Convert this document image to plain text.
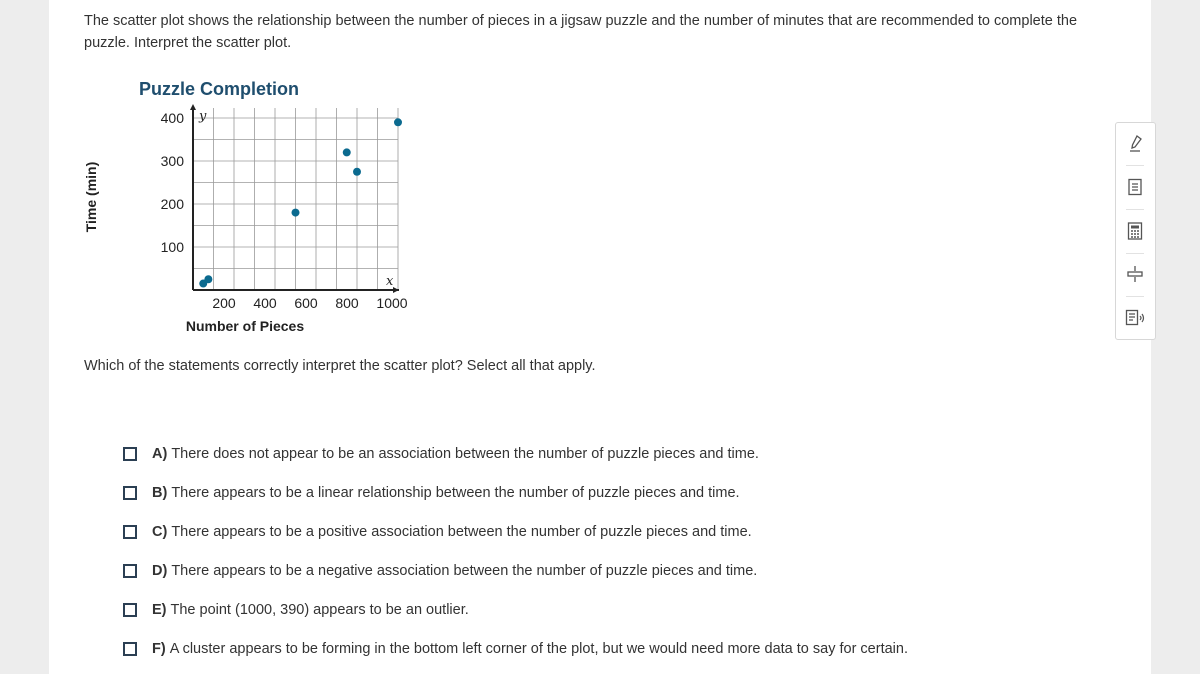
The scatter plot shows the relationship between the number of pieces in a jigsaw puzzle and the number of minutes that are recommended to complete the puzzle. Interpret the scatter plot.
Puzzle Completion
Time (min)
Number of Pieces
200 400 600 800 1000
100
200
300
400 y
x
Which of the statements correctly interpret the scatter plot? Select all that apply.
A) There does not appear to be an association between the number of puzzle pieces and time.
B) There appears to be a linear relationship between the number of puzzle pieces and time.
C) There appears to be a positive association between the number of puzzle pieces and time.
D) There appears to be a negative association between the number of puzzle pieces and time.
E) The point (1000, 390) appears to be an outlier.
F) A cluster appears to be forming in the bottom left corner of the plot, but we would need more data to say for certain.
